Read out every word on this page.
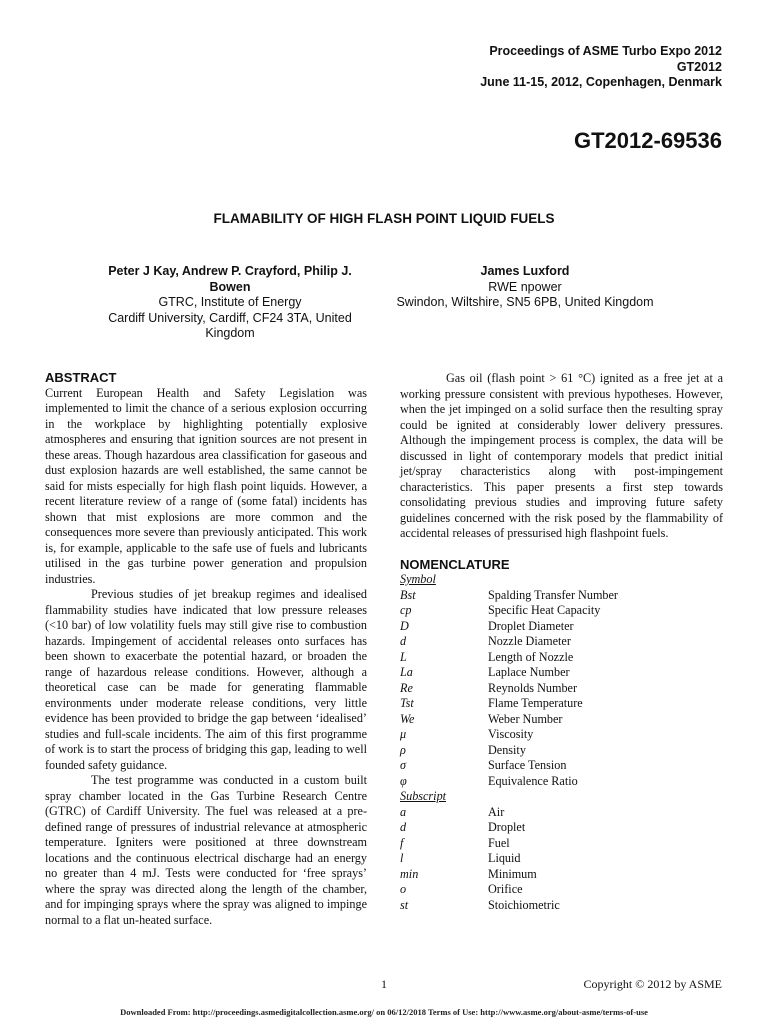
Proceedings of ASME Turbo Expo 2012
GT2012
June 11-15, 2012, Copenhagen, Denmark
GT2012-69536
FLAMABILITY OF HIGH FLASH POINT LIQUID FUELS
Peter J Kay, Andrew P. Crayford, Philip J. Bowen
GTRC, Institute of Energy
Cardiff University, Cardiff, CF24 3TA, United Kingdom
James Luxford
RWE npower
Swindon, Wiltshire, SN5 6PB, United Kingdom
ABSTRACT

Current European Health and Safety Legislation was implemented to limit the chance of a serious explosion occurring in the workplace by highlighting potentially explosive atmospheres and ensuring that ignition sources are not present in these areas. Though hazardous area classification for gaseous and dust explosion hazards are well established, the same cannot be said for mists especially for high flash point liquids. However, a recent literature review of a range of (some fatal) incidents has shown that mist explosions are more common and the consequences more severe than previously anticipated. This work is, for example, applicable to the safe use of fuels and lubricants utilised in the gas turbine power generation and propulsion industries.

Previous studies of jet breakup regimes and idealised flammability studies have indicated that low pressure releases (<10 bar) of low volatility fuels may still give rise to combustion hazards. Impingement of accidental releases onto surfaces has been shown to exacerbate the potential hazard, or broaden the range of hazardous release conditions. However, although a theoretical case can be made for generating flammable environments under moderate release conditions, very little evidence has been provided to bridge the gap between ‘idealised’ studies and full-scale incidents. The aim of this first programme of work is to start the process of bridging this gap, leading to well founded safety guidance.

The test programme was conducted in a custom built spray chamber located in the Gas Turbine Research Centre (GTRC) of Cardiff University. The fuel was released at a pre-defined range of pressures of industrial relevance at atmospheric temperature. Igniters were positioned at three downstream locations and the continuous electrical discharge had an energy no greater than 4 mJ. Tests were conducted for ‘free sprays’ where the spray was directed along the length of the chamber, and for impinging sprays where the spray was aligned to impinge normal to a flat un-heated surface.

Gas oil (flash point > 61 °C) ignited as a free jet at a working pressure consistent with previous hypotheses. However, when the jet impinged on a solid surface then the resulting spray could be ignited at considerably lower delivery pressures. Although the impingement process is complex, the data will be discussed in light of contemporary models that predict initial jet/spray characteristics along with post-impingement characteristics. This paper presents a first step towards consolidating previous studies and improving future safety guidelines concerned with the risk posed by the flammability of accidental releases of pressurised high flashpoint fuels.

NOMENCLATURE
Symbol
Bst	Spalding Transfer Number
cp	Specific Heat Capacity
D	Droplet Diameter
d	Nozzle Diameter
L	Length of Nozzle
La	Laplace Number
Re	Reynolds Number
Tst	Flame Temperature
We	Weber Number
μ	Viscosity
ρ	Density
σ	Surface Tension
φ	Equivalence Ratio
Subscript
a	Air
d	Droplet
f	Fuel
l	Liquid
min	Minimum
o	Orifice
st	Stoichiometric
1	Copyright © 2012 by ASME
Downloaded From: http://proceedings.asmedigitalcollection.asme.org/ on 06/12/2018 Terms of Use: http://www.asme.org/about-asme/terms-of-use
